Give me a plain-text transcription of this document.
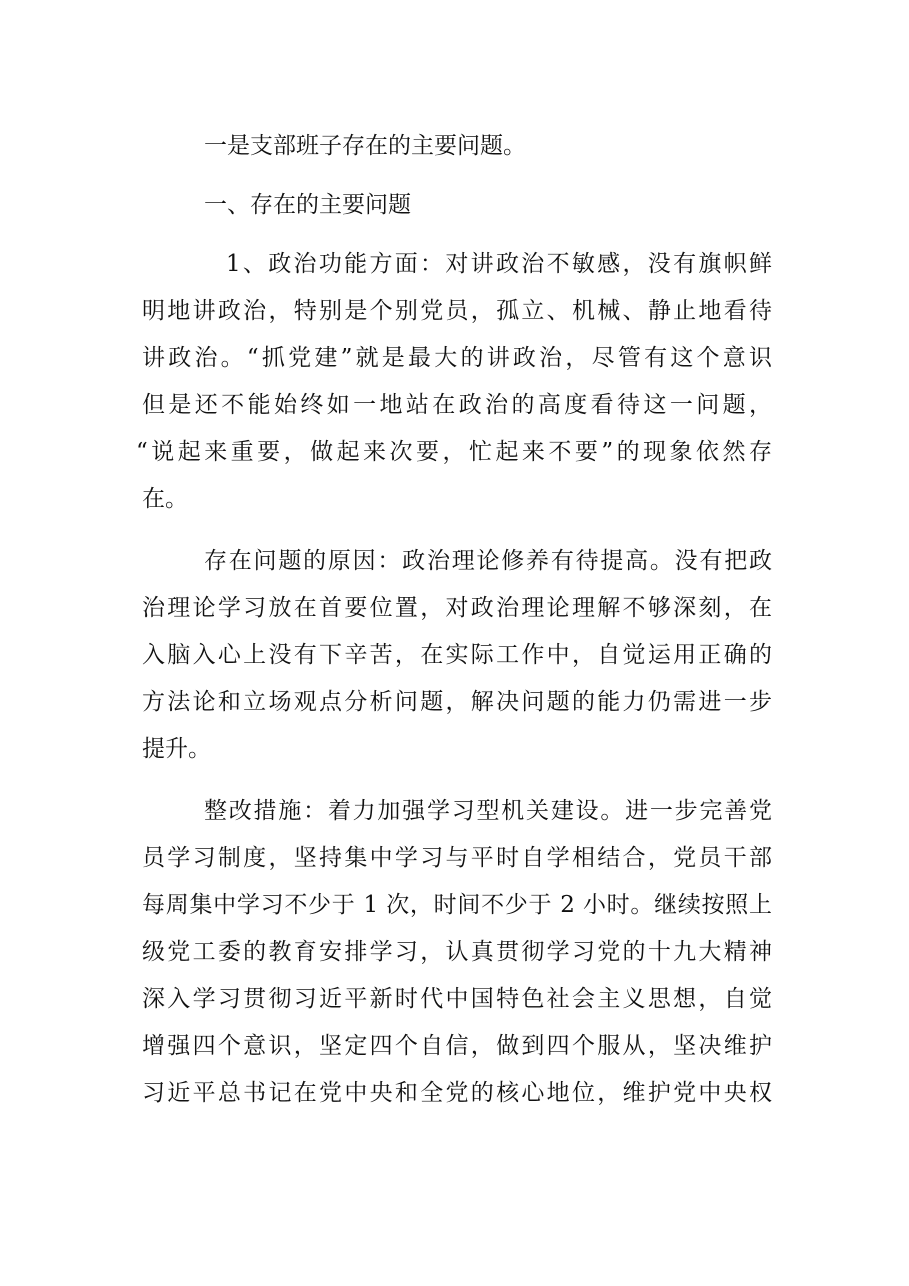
一是支部班子存在的主要问题。
一、存在的主要问题
1、政治功能方面：对讲政治不敏感，没有旗帜鲜
明地讲政治，特别是个别党员，孤立、机械、静止地看待
讲政治。“抓党建”就是最大的讲政治，尽管有这个意识
但是还不能始终如一地站在政治的高度看待这一问题，
“说起来重要，做起来次要，忙起来不要”的现象依然存
在。
存在问题的原因：政治理论修养有待提高。没有把政
治理论学习放在首要位置，对政治理论理解不够深刻，在
入脑入心上没有下辛苦，在实际工作中，自觉运用正确的
方法论和立场观点分析问题，解决问题的能力仍需进一步
提升。
整改措施：着力加强学习型机关建设。进一步完善党
员学习制度，坚持集中学习与平时自学相结合，党员干部
每周集中学习不少于 1 次，时间不少于 2 小时。继续按照上
级党工委的教育安排学习，认真贯彻学习党的十九大精神
深入学习贯彻习近平新时代中国特色社会主义思想，自觉
增强四个意识，坚定四个自信，做到四个服从，坚决维护
习近平总书记在党中央和全党的核心地位，维护党中央权
